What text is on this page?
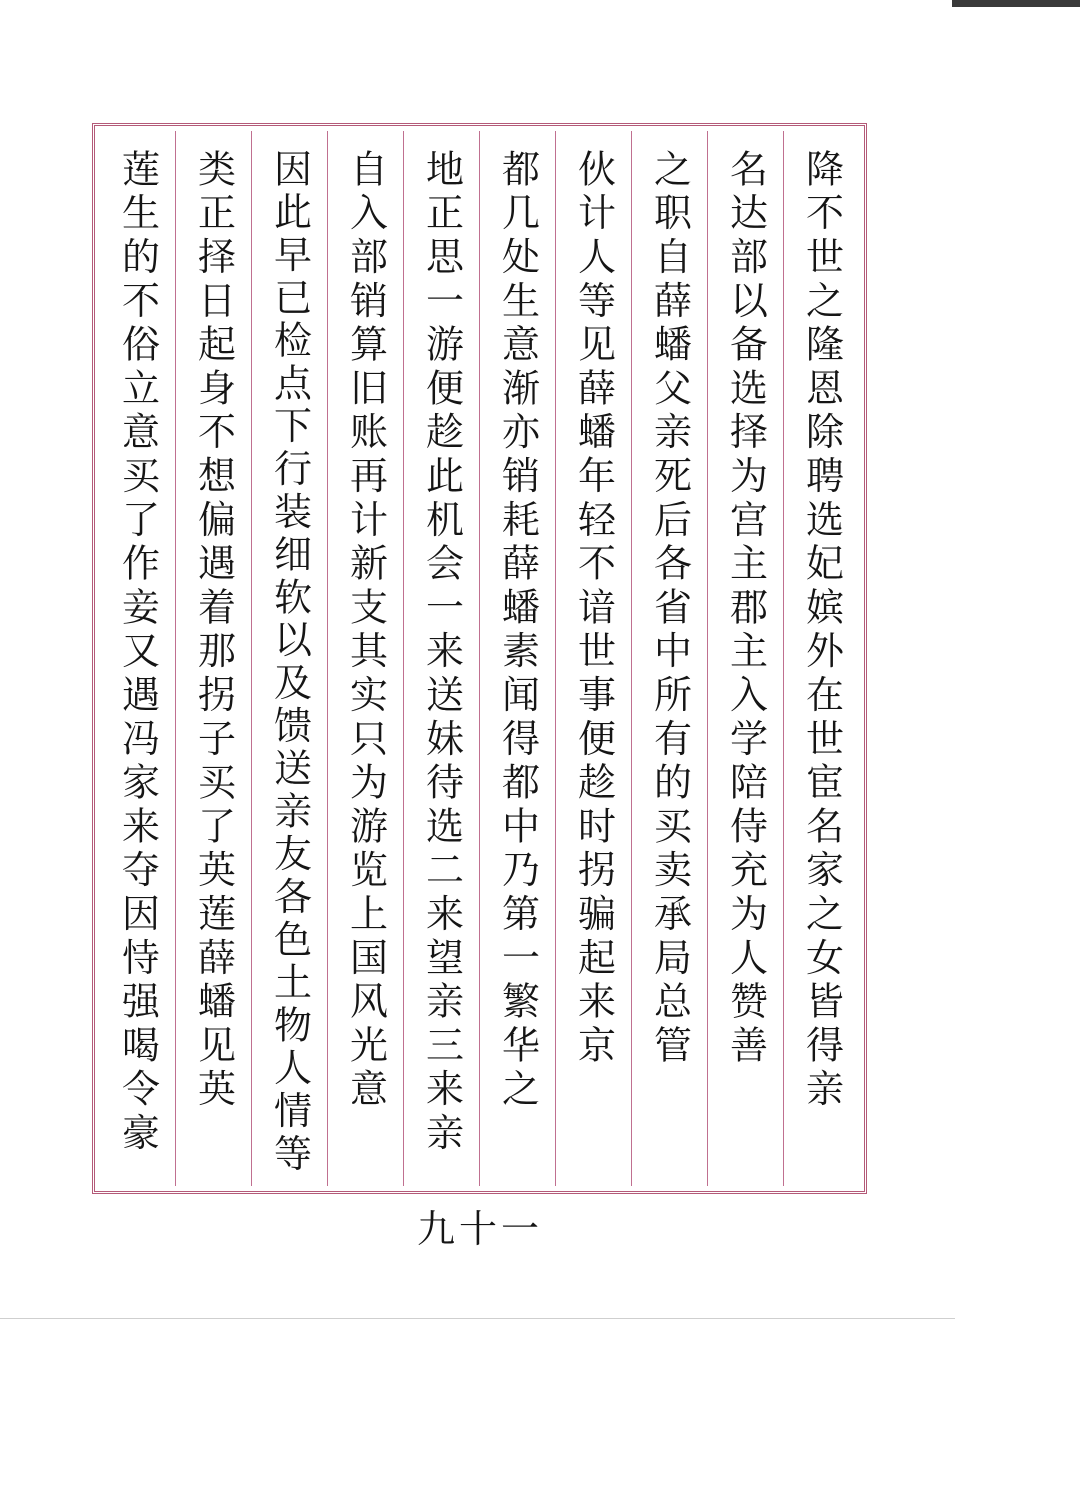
降不世之隆恩除聘选妃嫔外在世宦名家之女皆得亲
名达部以备选择为宫主郡主入学陪侍充为人赞善
之职自薛蟠父亲死后各省中所有的买卖承局总管
伙计人等见薛蟠年轻不谙世事便趁时拐骗起来京
都几处生意渐亦销耗薛蟠素闻得都中乃第一繁华之
地正思一游便趁此机会一来送妹待选二来望亲三来亲
自入部销算旧账再计新支其实只为游览上国风光意
因此早已检点下行装细软以及馈送亲友各色土物人情等
类正择日起身不想偏遇着那拐子买了英莲薛蟠见英
莲生的不俗立意买了作妾又遇冯家来夺因恃强喝令豪
九十一
